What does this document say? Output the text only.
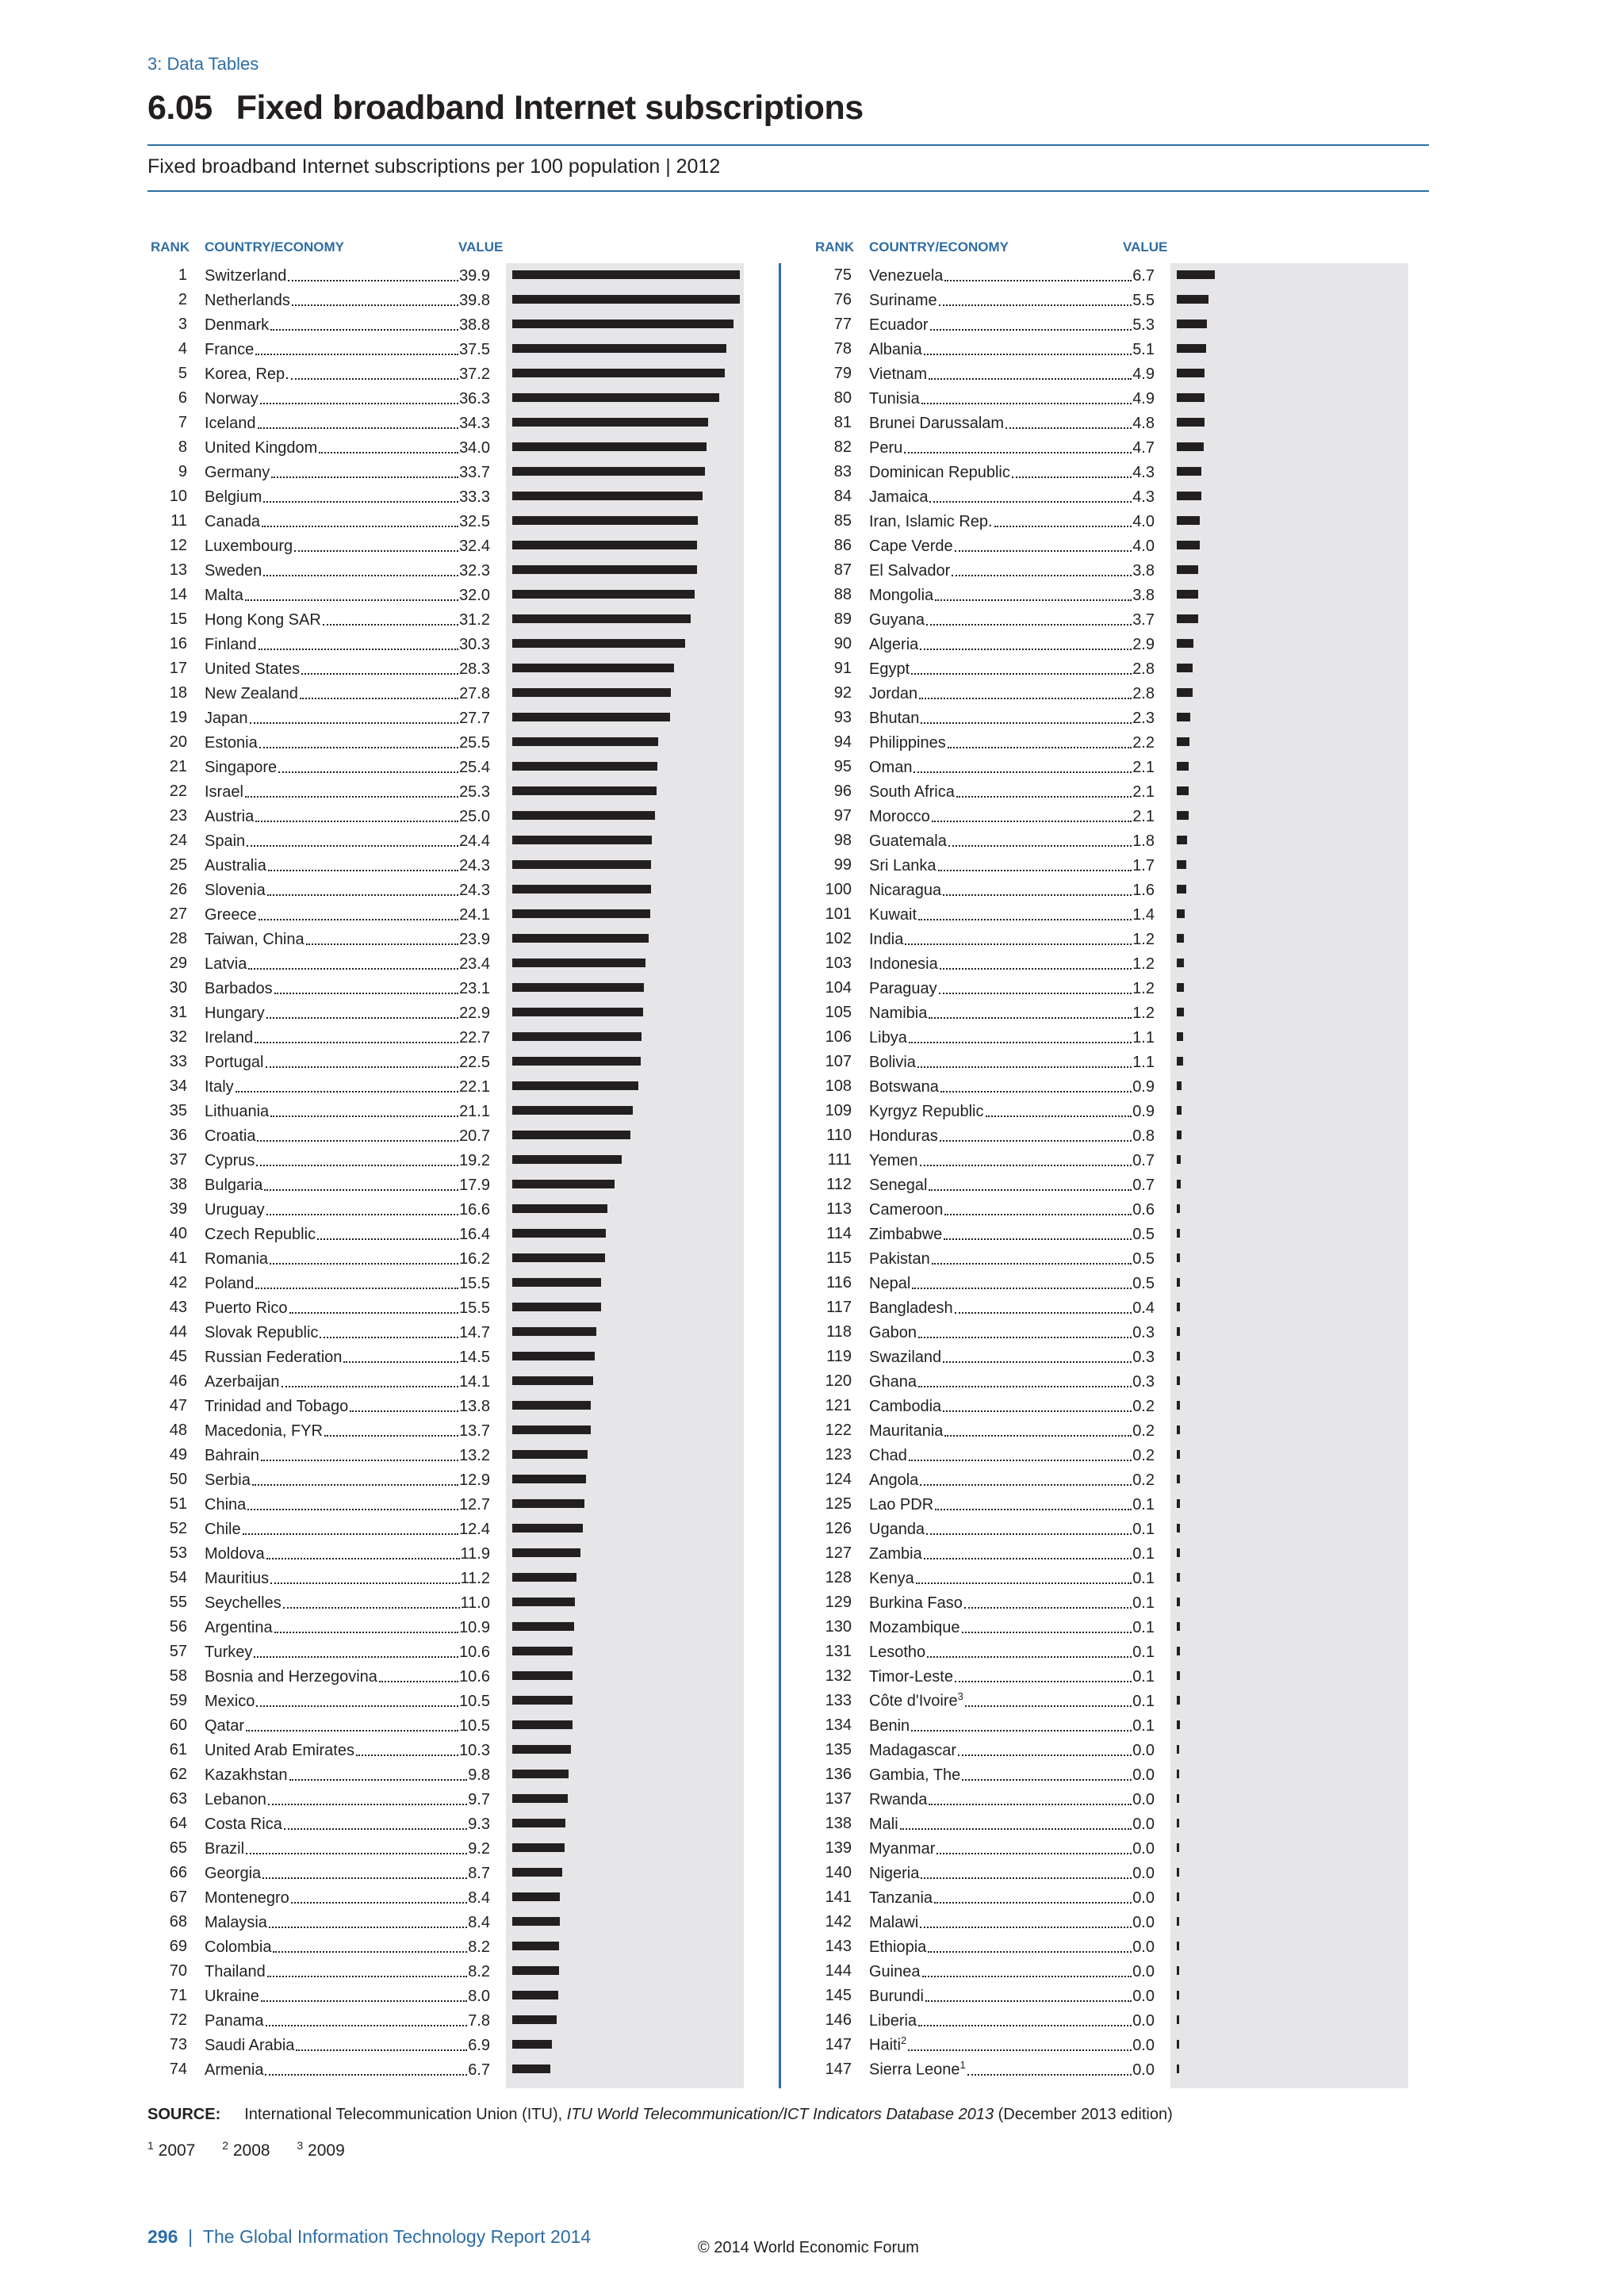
3: Data Tables
6.05 Fixed broadband Internet subscriptions
Fixed broadband Internet subscriptions per 100 population | 2012
RANK COUNTRY/ECONOMY	VALUE
1 Switzerland	39.9
2 Netherlands	39.8
3 Denmark	38.8
4 France	37.5
5 Korea, Rep.	37.2
6 Norway	36.3
7 Iceland	34.3
8 United Kingdom	34.0
9 Germany	33.7
10 Belgium	33.3
11 Canada	32.5
12 Luxembourg	32.4
13 Sweden	32.3
14 Malta	32.0
15 Hong Kong SAR	31.2
16 Finland	30.3
17 United States	28.3
18 New Zealand	27.8
19 Japan	27.7
20 Estonia	25.5
21 Singapore	25.4
22 Israel	25.3
23 Austria	25.0
24 Spain	24.4
25 Australia	24.3
26 Slovenia	24.3
27 Greece	24.1
28 Taiwan, China	23.9
29 Latvia	23.4
30 Barbados	23.1
31 Hungary	22.9
32 Ireland	22.7
33 Portugal	22.5
34 Italy	22.1
35 Lithuania	21.1
36 Croatia	20.7
37 Cyprus	19.2
38 Bulgaria	17.9
39 Uruguay	16.6
40 Czech Republic	16.4
41 Romania	16.2
42 Poland	15.5
43 Puerto Rico	15.5
44 Slovak Republic	14.7
45 Russian Federation	14.5
46 Azerbaijan	14.1
47 Trinidad and Tobago	13.8
48 Macedonia, FYR	13.7
49 Bahrain	13.2
50 Serbia	12.9
51 China	12.7
52 Chile	12.4
53 Moldova	11.9
54 Mauritius	11.2
55 Seychelles	11.0
56 Argentina	10.9
57 Turkey	10.6
58 Bosnia and Herzegovina	10.6
59 Mexico	10.5
60 Qatar	10.5
61 United Arab Emirates	10.3
62 Kazakhstan	9.8
63 Lebanon	9.7
64 Costa Rica	9.3
65 Brazil	9.2
66 Georgia	8.7
67 Montenegro	8.4
68 Malaysia	8.4
69 Colombia	8.2
70 Thailand	8.2
71 Ukraine	8.0
72 Panama	7.8
73 Saudi Arabia	6.9
74 Armenia	6.7
RANK COUNTRY/ECONOMY	VALUE
75 Venezuela	6.7
76 Suriname	5.5
77 Ecuador	5.3
78 Albania	5.1
79 Vietnam	4.9
80 Tunisia	4.9
81 Brunei Darussalam	4.8
82 Peru	4.7
83 Dominican Republic	4.3
84 Jamaica	4.3
85 Iran, Islamic Rep.	4.0
86 Cape Verde	4.0
87 El Salvador	3.8
88 Mongolia	3.8
89 Guyana	3.7
90 Algeria	2.9
91 Egypt	2.8
92 Jordan	2.8
93 Bhutan	2.3
94 Philippines	2.2
95 Oman	2.1
96 South Africa	2.1
97 Morocco	2.1
98 Guatemala	1.8
99 Sri Lanka	1.7
100 Nicaragua	1.6
101 Kuwait	1.4
102 India	1.2
103 Indonesia	1.2
104 Paraguay	1.2
105 Namibia	1.2
106 Libya	1.1
107 Bolivia	1.1
108 Botswana	0.9
109 Kyrgyz Republic	0.9
110 Honduras	0.8
111 Yemen	0.7
112 Senegal	0.7
113 Cameroon	0.6
114 Zimbabwe	0.5
115 Pakistan	0.5
116 Nepal	0.5
117 Bangladesh	0.4
118 Gabon	0.3
119 Swaziland	0.3
120 Ghana	0.3
121 Cambodia	0.2
122 Mauritania	0.2
123 Chad	0.2
124 Angola	0.2
125 Lao PDR	0.1
126 Uganda	0.1
127 Zambia	0.1
128 Kenya	0.1
129 Burkina Faso	0.1
130 Mozambique	0.1
131 Lesotho	0.1
132 Timor-Leste	0.1
133 Côte d'Ivoire$^3$	0.1
134 Benin	0.1
135 Madagascar	0.0
136 Gambia, The	0.0
137 Rwanda	0.0
138 Mali	0.0
139 Myanmar	0.0
140 Nigeria	0.0
141 Tanzania	0.0
142 Malawi	0.0
143 Ethiopia	0.0
144 Guinea	0.0
145 Burundi	0.0
146 Liberia	0.0
147 Haiti$^2$	0.0
147 Sierra Leone$^1$	0.0
SOURCE: International Telecommunication Union (ITU), ITU World Telecommunication/ICT Indicators Database 2013 (December 2013 edition)
$^1$ 2007 $^2$ 2008 $^3$ 2009
296 | The Global Information Technology Report 2014
© 2014 World Economic Forum
